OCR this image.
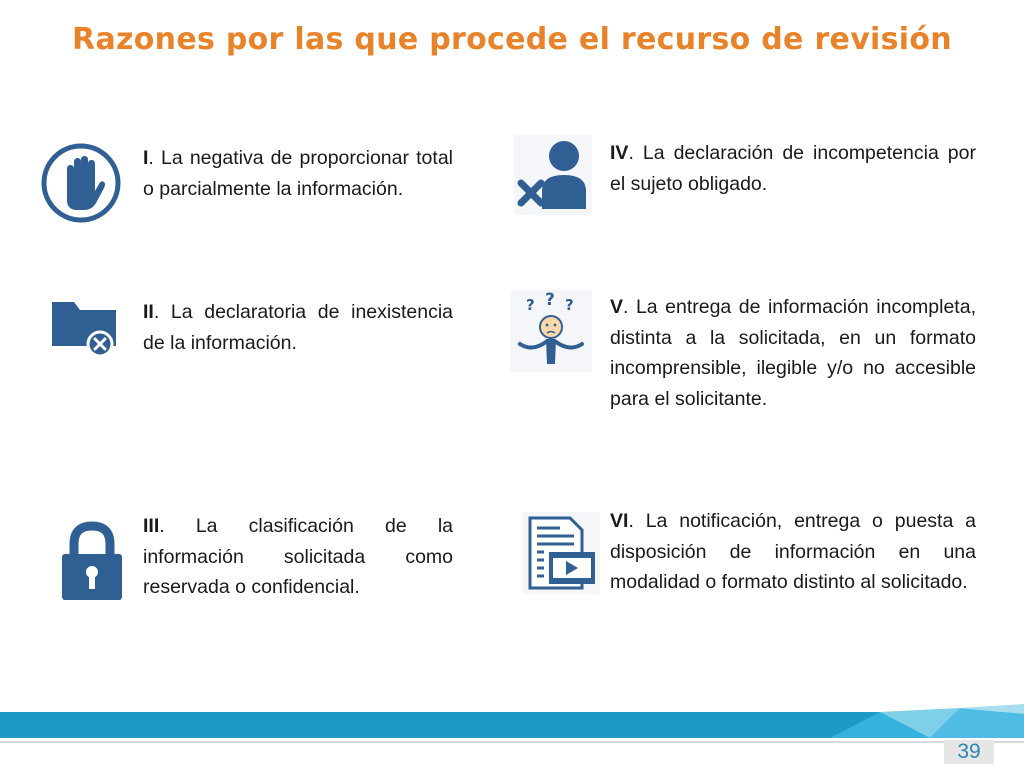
Razones por las que procede el recurso de revisión
I. La negativa de proporcionar total o parcialmente la información.
II. La declaratoria de inexistencia de la información.
III. La clasificación de la información solicitada como reservada o confidencial.
IV. La declaración de incompetencia por el sujeto obligado.
? ? ? V. La entrega de información incompleta, distinta a la solicitada, en un formato incomprensible, ilegible y/o no accesible para el solicitante.
VI. La notificación, entrega o puesta a disposición de información en una modalidad o formato distinto al solicitado.
39
